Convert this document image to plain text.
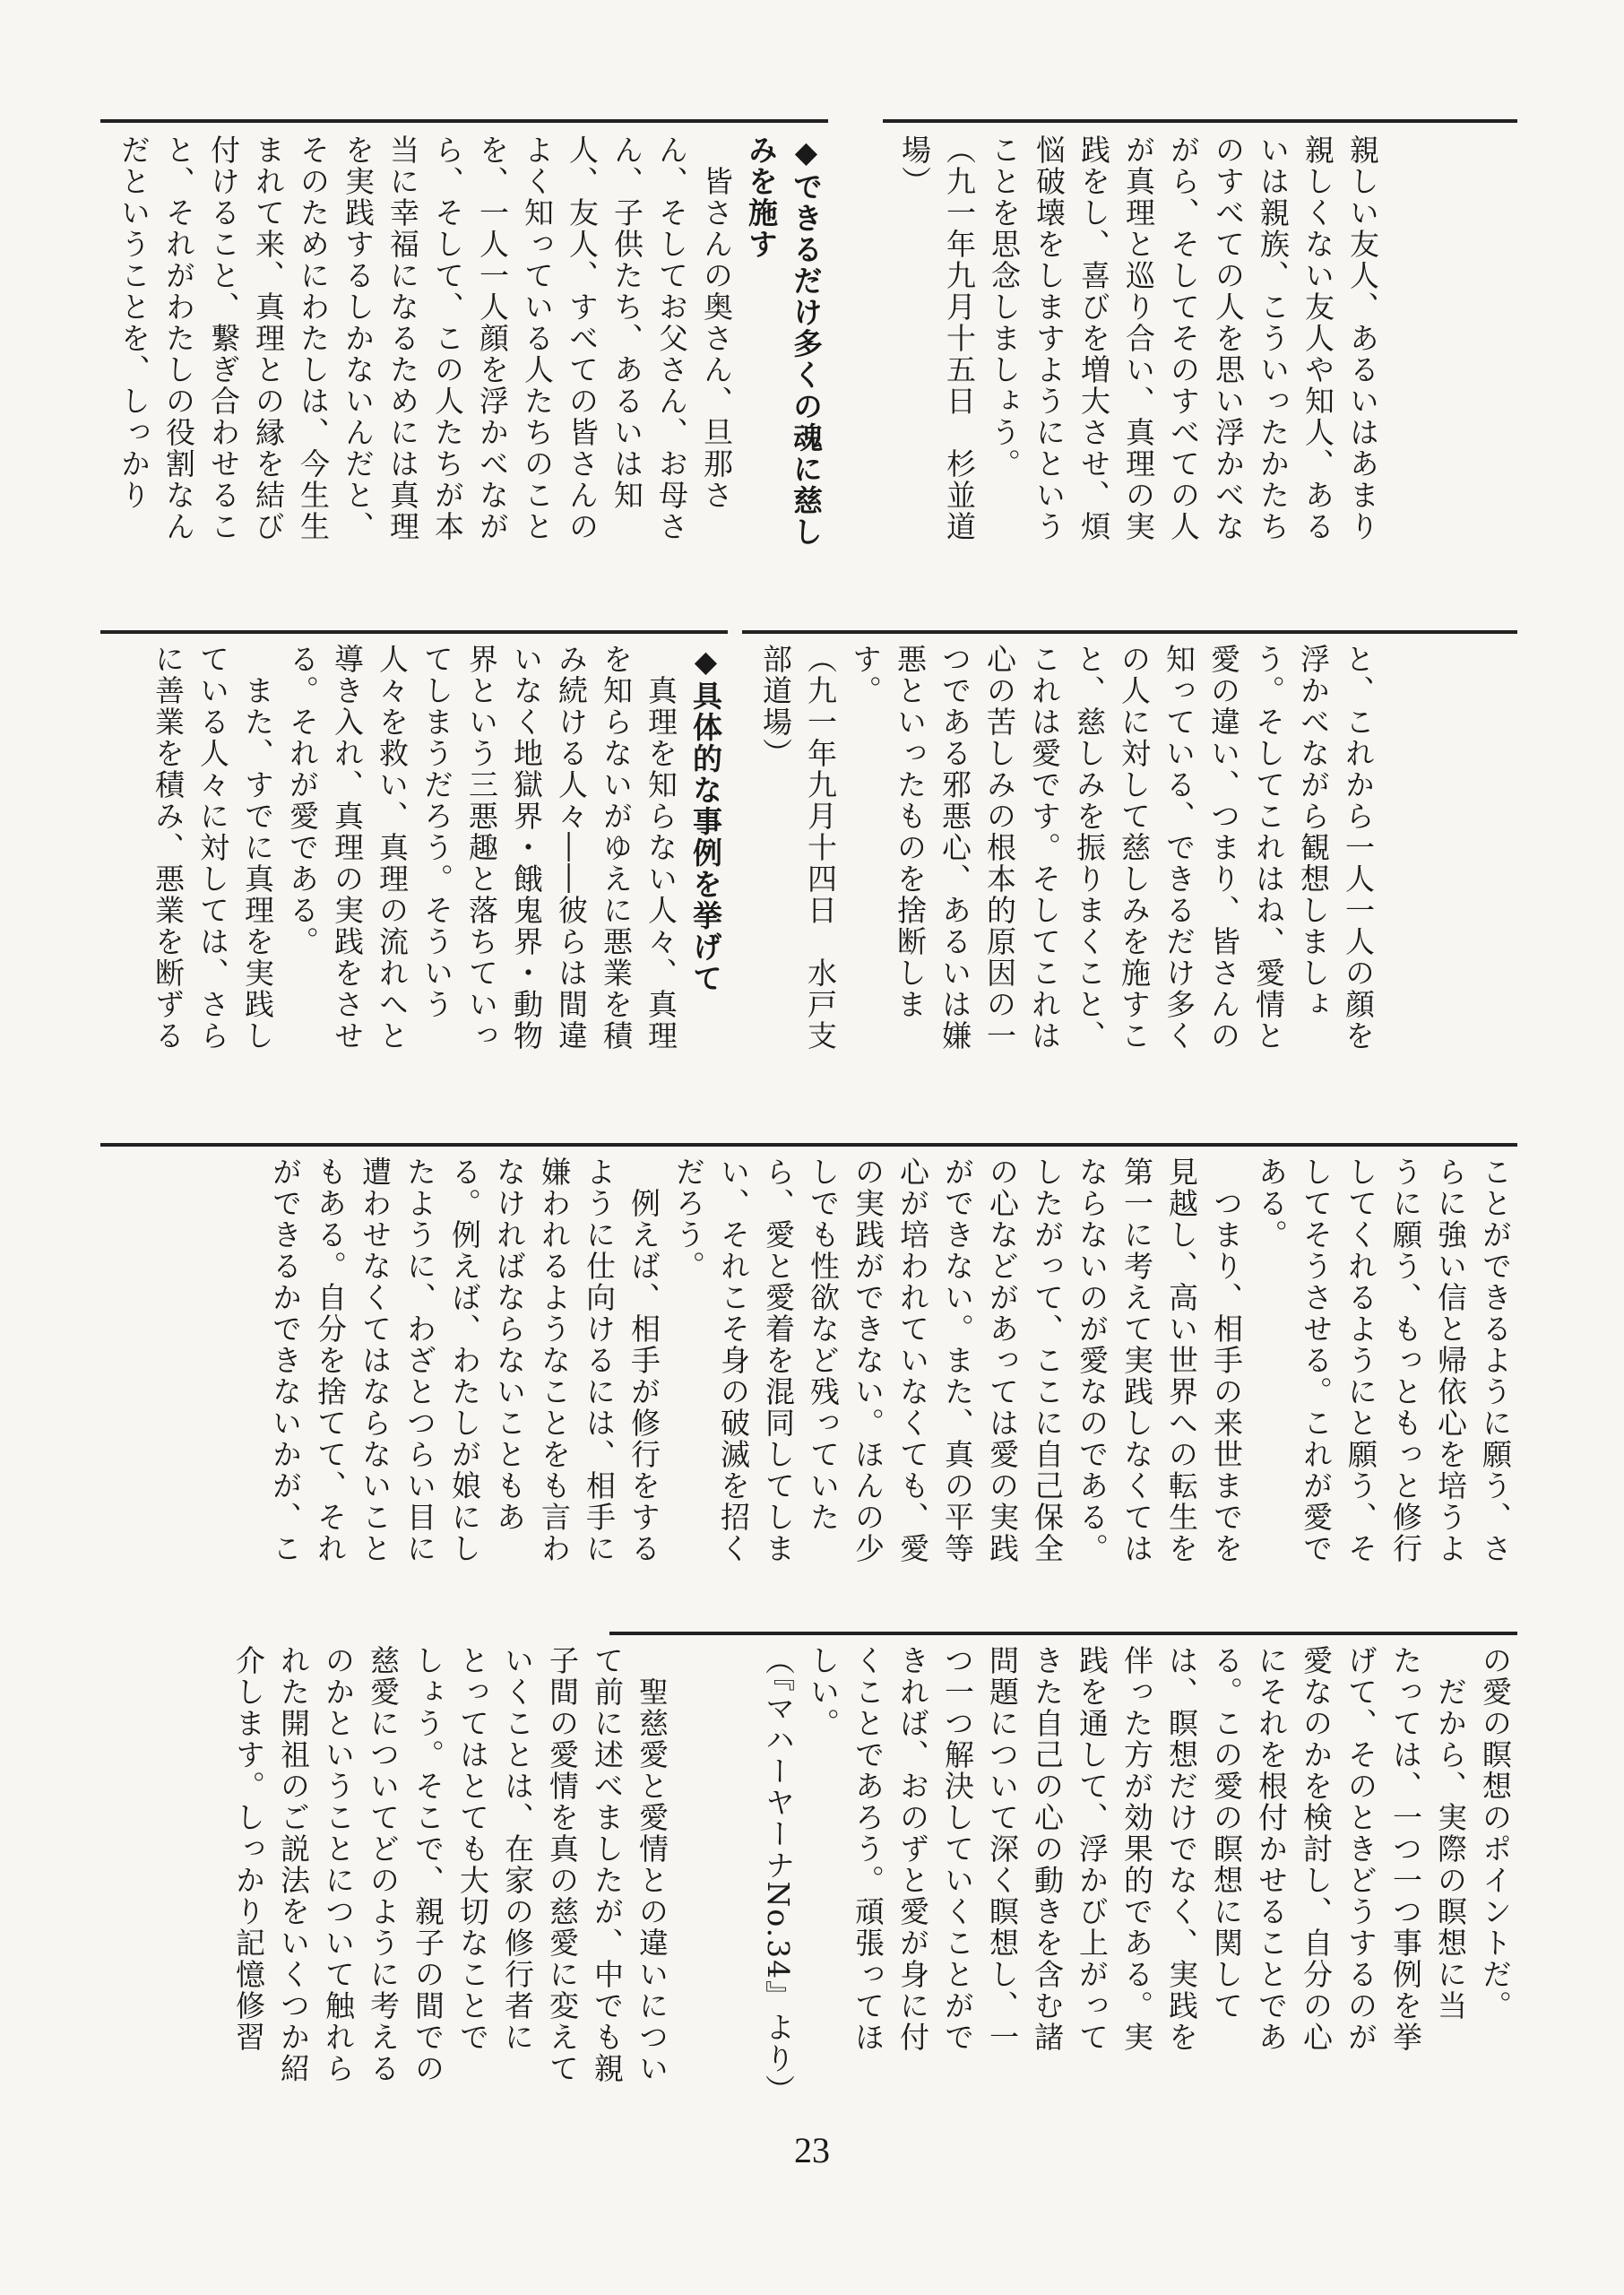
親しい友人、あるいはあまり

親しくない友人や知人、ある

いは親族、こういったかたち

のすべての人を思い浮かべな

がら、そしてそのすべての人

が真理と巡り合い、真理の実

践をし、喜びを増大させ、煩

悩破壊をしますようにという

ことを思念しましょう。

（九一年九月十五日　杉並道

場）

◆できるだけ多くの魂に慈し

みを施す

　皆さんの奥さん、旦那さ

ん、そしてお父さん、お母さ

ん、子供たち、あるいは知

人、友人、すべての皆さんの

よく知っている人たちのこと

を、一人一人顔を浮かべなが

ら、そして、この人たちが本

当に幸福になるためには真理

を実践するしかないんだと、

そのためにわたしは、今生生

まれて来、真理との縁を結び

付けること、繋ぎ合わせるこ

と、それがわたしの役割なん

だということを、しっかり

と、これから一人一人の顔を

浮かべながら観想しましょ

う。そしてこれはね、愛情と

愛の違い、つまり、皆さんの

知っている、できるだけ多く

の人に対して慈しみを施すこ

と、慈しみを振りまくこと、

これは愛です。そしてこれは

心の苦しみの根本的原因の一

つである邪悪心、あるいは嫌

悪といったものを捨断しま

す。

（九一年九月十四日　水戸支

部道場）

◆具体的な事例を挙げて

　真理を知らない人々、真理

を知らないがゆえに悪業を積

み続ける人々――彼らは間違

いなく地獄界・餓鬼界・動物

界という三悪趣と落ちていっ

てしまうだろう。そういう

人々を救い、真理の流れへと

導き入れ、真理の実践をさせ

る。それが愛である。

　また、すでに真理を実践し

ている人々に対しては、さら

に善業を積み、悪業を断ずる

ことができるように願う、さ

らに強い信と帰依心を培うよ

うに願う、もっともっと修行

してくれるようにと願う、そ

してそうさせる。これが愛で

ある。

　つまり、相手の来世までを

見越し、高い世界への転生を

第一に考えて実践しなくては

ならないのが愛なのである。

したがって、ここに自己保全

の心などがあっては愛の実践

ができない。また、真の平等

心が培われていなくても、愛

の実践ができない。ほんの少

しでも性欲など残っていた

ら、愛と愛着を混同してしま

い、それこそ身の破滅を招く

だろう。

　例えば、相手が修行をする

ように仕向けるには、相手に

嫌われるようなことをも言わ

なければならないこともあ

る。例えば、わたしが娘にし

たように、わざとつらい目に

遭わせなくてはならないこと

もある。自分を捨てて、それ

ができるかできないかが、こ

の愛の瞑想のポイントだ。

　だから、実際の瞑想に当

たっては、一つ一つ事例を挙

げて、そのときどうするのが

愛なのかを検討し、自分の心

にそれを根付かせることであ

る。この愛の瞑想に関して

は、瞑想だけでなく、実践を

伴った方が効果的である。実

践を通して、浮かび上がって

きた自己の心の動きを含む諸

問題について深く瞑想し、一

つ一つ解決していくことがで

きれば、おのずと愛が身に付

くことであろう。頑張ってほ

しい。

（『マハーヤーナNo.34』より）

　聖慈愛と愛情との違いについ

て前に述べましたが、中でも親

子間の愛情を真の慈愛に変えて

いくことは、在家の修行者に

とってはとても大切なことで

しょう。そこで、親子の間での

慈愛についてどのように考える

のかということについて触れら

れた開祖のご説法をいくつか紹

介します。しっかり記憶修習

23
